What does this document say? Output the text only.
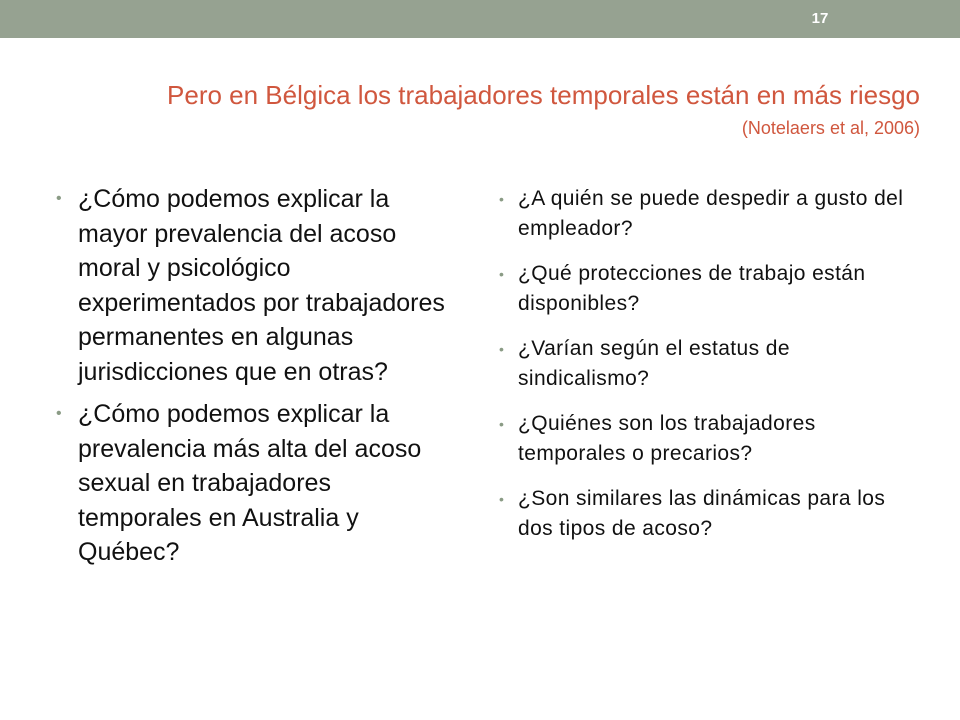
17
Pero en Bélgica los trabajadores temporales están en más riesgo
(Notelaers et al, 2006)
• ¿Cómo podemos explicar la mayor prevalencia del acoso moral y psicológico experimentados por trabajadores permanentes en algunas jurisdicciones que en otras?
• ¿Cómo podemos explicar la prevalencia más alta del acoso sexual en trabajadores temporales en Australia y Québec?
• ¿A quién se puede despedir a gusto del empleador?
• ¿Qué protecciones de trabajo están disponibles?
• ¿Varían según el estatus de sindicalismo?
• ¿Quiénes son los trabajadores temporales o precarios?
• ¿Son similares las dinámicas para los dos tipos de acoso?
